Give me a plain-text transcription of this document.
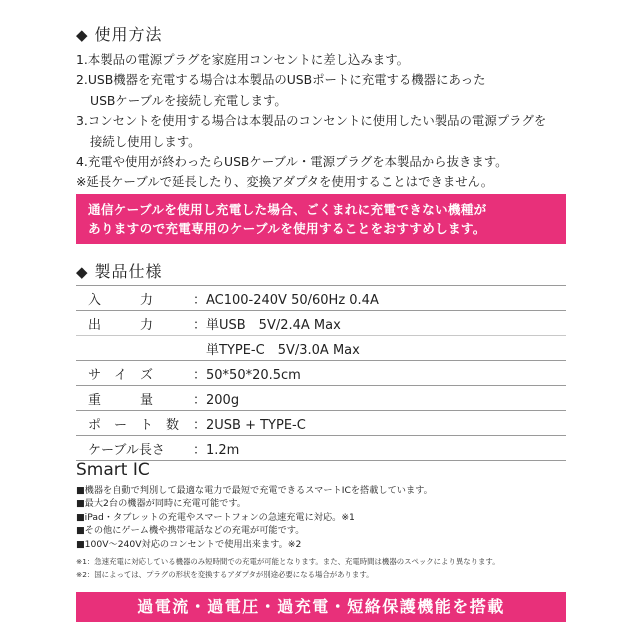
◆ 使用方法
1.本製品の電源プラグを家庭用コンセントに差し込みます。
2.USB機器を充電する場合は本製品のUSBポートに充電する機器にあった
USBケーブルを接続し充電します。
3.コンセントを使用する場合は本製品のコンセントに使用したい製品の電源プラグを
接続し使用します。
4.充電や使用が終わったらUSBケーブル・電源プラグを本製品から抜きます。
※延長ケーブルで延長したり、変換アダプタを使用することはできません。
通信ケーブルを使用し充電した場合、ごくまれに充電できない機種が
ありますので充電専用のケーブルを使用することをおすすめします。
◆ 製品仕様
入　　　力	：AC100-240V 50/60Hz 0.4A
出　　　力	：単USB　5V/2.4A Max
　単TYPE-C　5V/3.0A Max
サ　イ　ズ	：50*50*20.5cm
重　　　量	：200g
ポ　ー　ト　数	：2USB + TYPE-C
ケーブル長さ	：1.2m
Smart IC
■機器を自動で判別して最適な電力で最短で充電できるスマートICを搭載しています。
■最大2台の機器が同時に充電可能です。
■iPad・タブレットの充電やスマートフォンの急速充電に対応。※1
■その他にゲーム機や携帯電話などの充電が可能です。
■100V〜240V対応のコンセントで使用出来ます。※2
※1：急速充電に対応している機器のみ短時間での充電が可能となります。また、充電時間は機器のスペックにより異なります。
※2：国によっては、プラグの形状を変換するアダプタが別途必要になる場合があります。
過電流・過電圧・過充電・短絡保護機能を搭載
